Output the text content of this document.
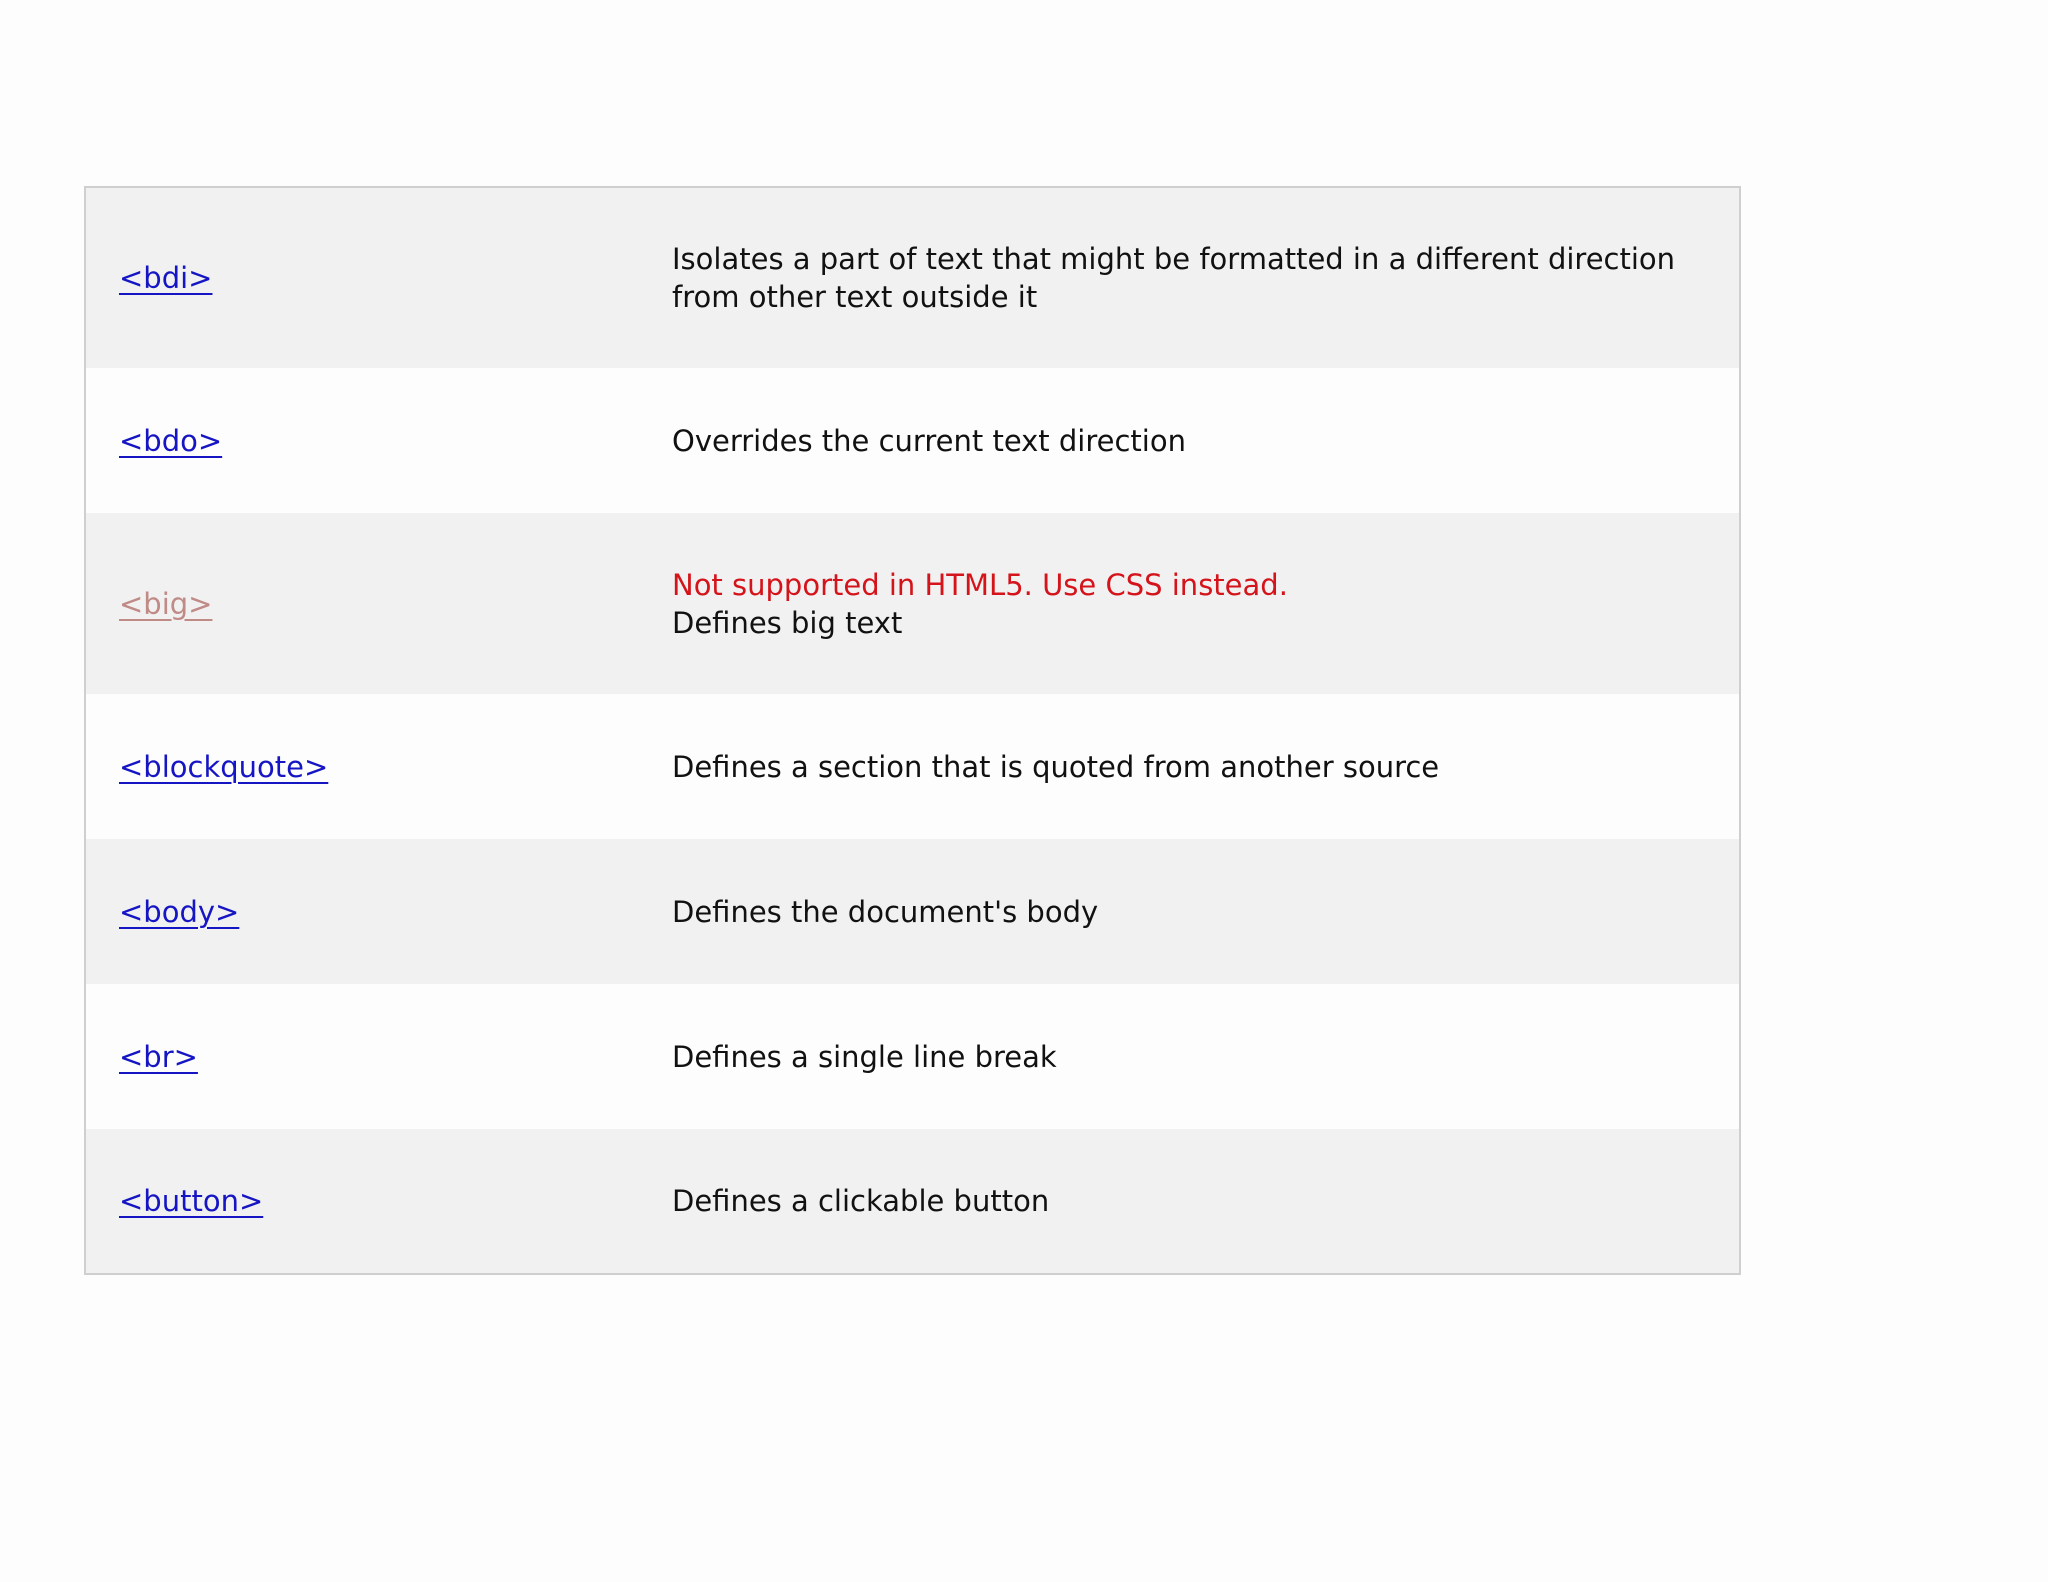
<bdi>	Isolates a part of text that might be formatted in a different direction from other text outside it
<bdo>	Overrides the current text direction
<big>	Not supported in HTML5. Use CSS instead.
Defines big text

<blockquote>	Defines a section that is quoted from another source
<body>	Defines the document's body
<br>	Defines a single line break
<button>	Defines a clickable button
